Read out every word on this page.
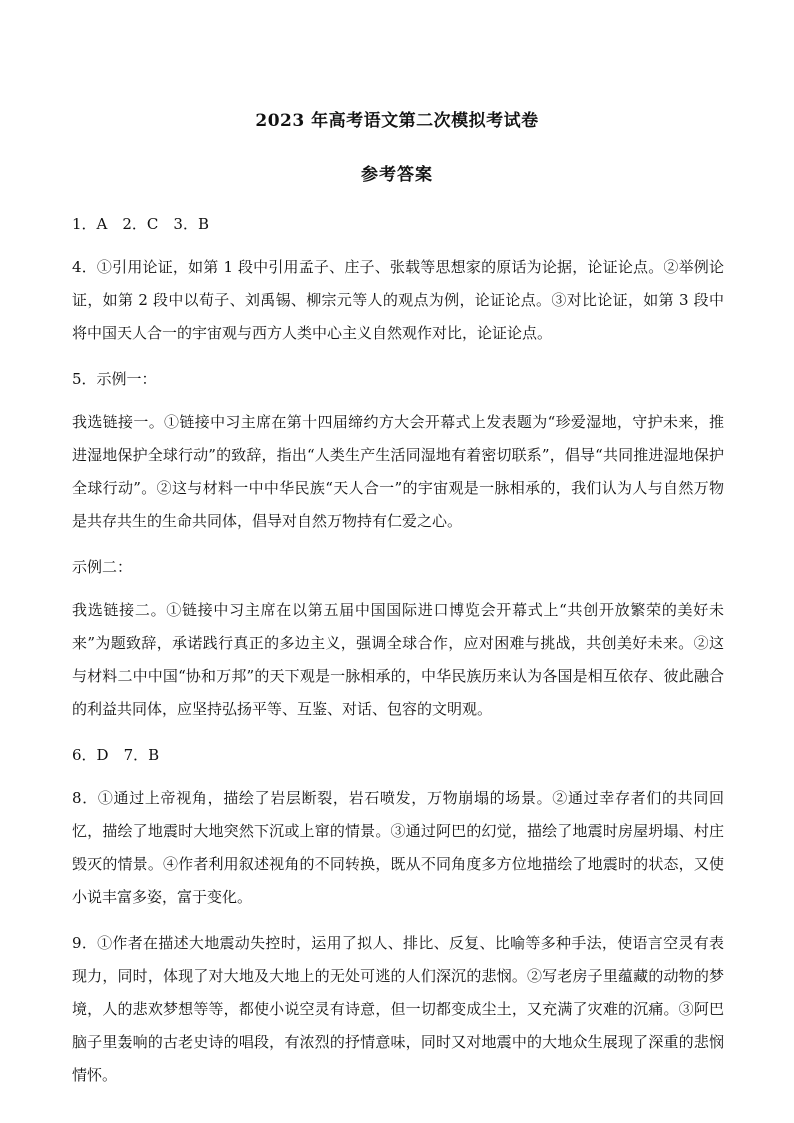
2023 年高考语文第二次模拟考试卷
参考答案

1．A　2．C　3．B

4．①引用论证，如第 1 段中引用孟子、庄子、张载等思想家的原话为论据，论证论点。②举例论证，如第 2 段中以荀子、刘禹锡、柳宗元等人的观点为例，论证论点。③对比论证，如第 3 段中将中国天人合一的宇宙观与西方人类中心主义自然观作对比，论证论点。

5．示例一：

我选链接一。①链接中习主席在第十四届缔约方大会开幕式上发表题为“珍爱湿地，守护未来，推进湿地保护全球行动”的致辞，指出“人类生产生活同湿地有着密切联系”，倡导“共同推进湿地保护全球行动”。②这与材料一中中华民族“天人合一”的宇宙观是一脉相承的，我们认为人与自然万物是共存共生的生命共同体，倡导对自然万物持有仁爱之心。

示例二：

我选链接二。①链接中习主席在以第五届中国国际进口博览会开幕式上“共创开放繁荣的美好未来”为题致辞，承诺践行真正的多边主义，强调全球合作，应对困难与挑战，共创美好未来。②这与材料二中中国“协和万邦”的天下观是一脉相承的，中华民族历来认为各国是相互依存、彼此融合的利益共同体，应坚持弘扬平等、互鉴、对话、包容的文明观。

6．D　7．B

8．①通过上帝视角，描绘了岩层断裂，岩石喷发，万物崩塌的场景。②通过幸存者们的共同回忆，描绘了地震时大地突然下沉或上窜的情景。③通过阿巴的幻觉，描绘了地震时房屋坍塌、村庄毁灭的情景。④作者利用叙述视角的不同转换，既从不同角度多方位地描绘了地震时的状态，又使小说丰富多姿，富于变化。

9．①作者在描述大地震动失控时，运用了拟人、排比、反复、比喻等多种手法，使语言空灵有表现力，同时，体现了对大地及大地上的无处可逃的人们深沉的悲悯。②写老房子里蕴藏的动物的梦境，人的悲欢梦想等等，都使小说空灵有诗意，但一切都变成尘土，又充满了灾难的沉痛。③阿巴脑子里轰响的古老史诗的唱段，有浓烈的抒情意味，同时又对地震中的大地众生展现了深重的悲悯情怀。
